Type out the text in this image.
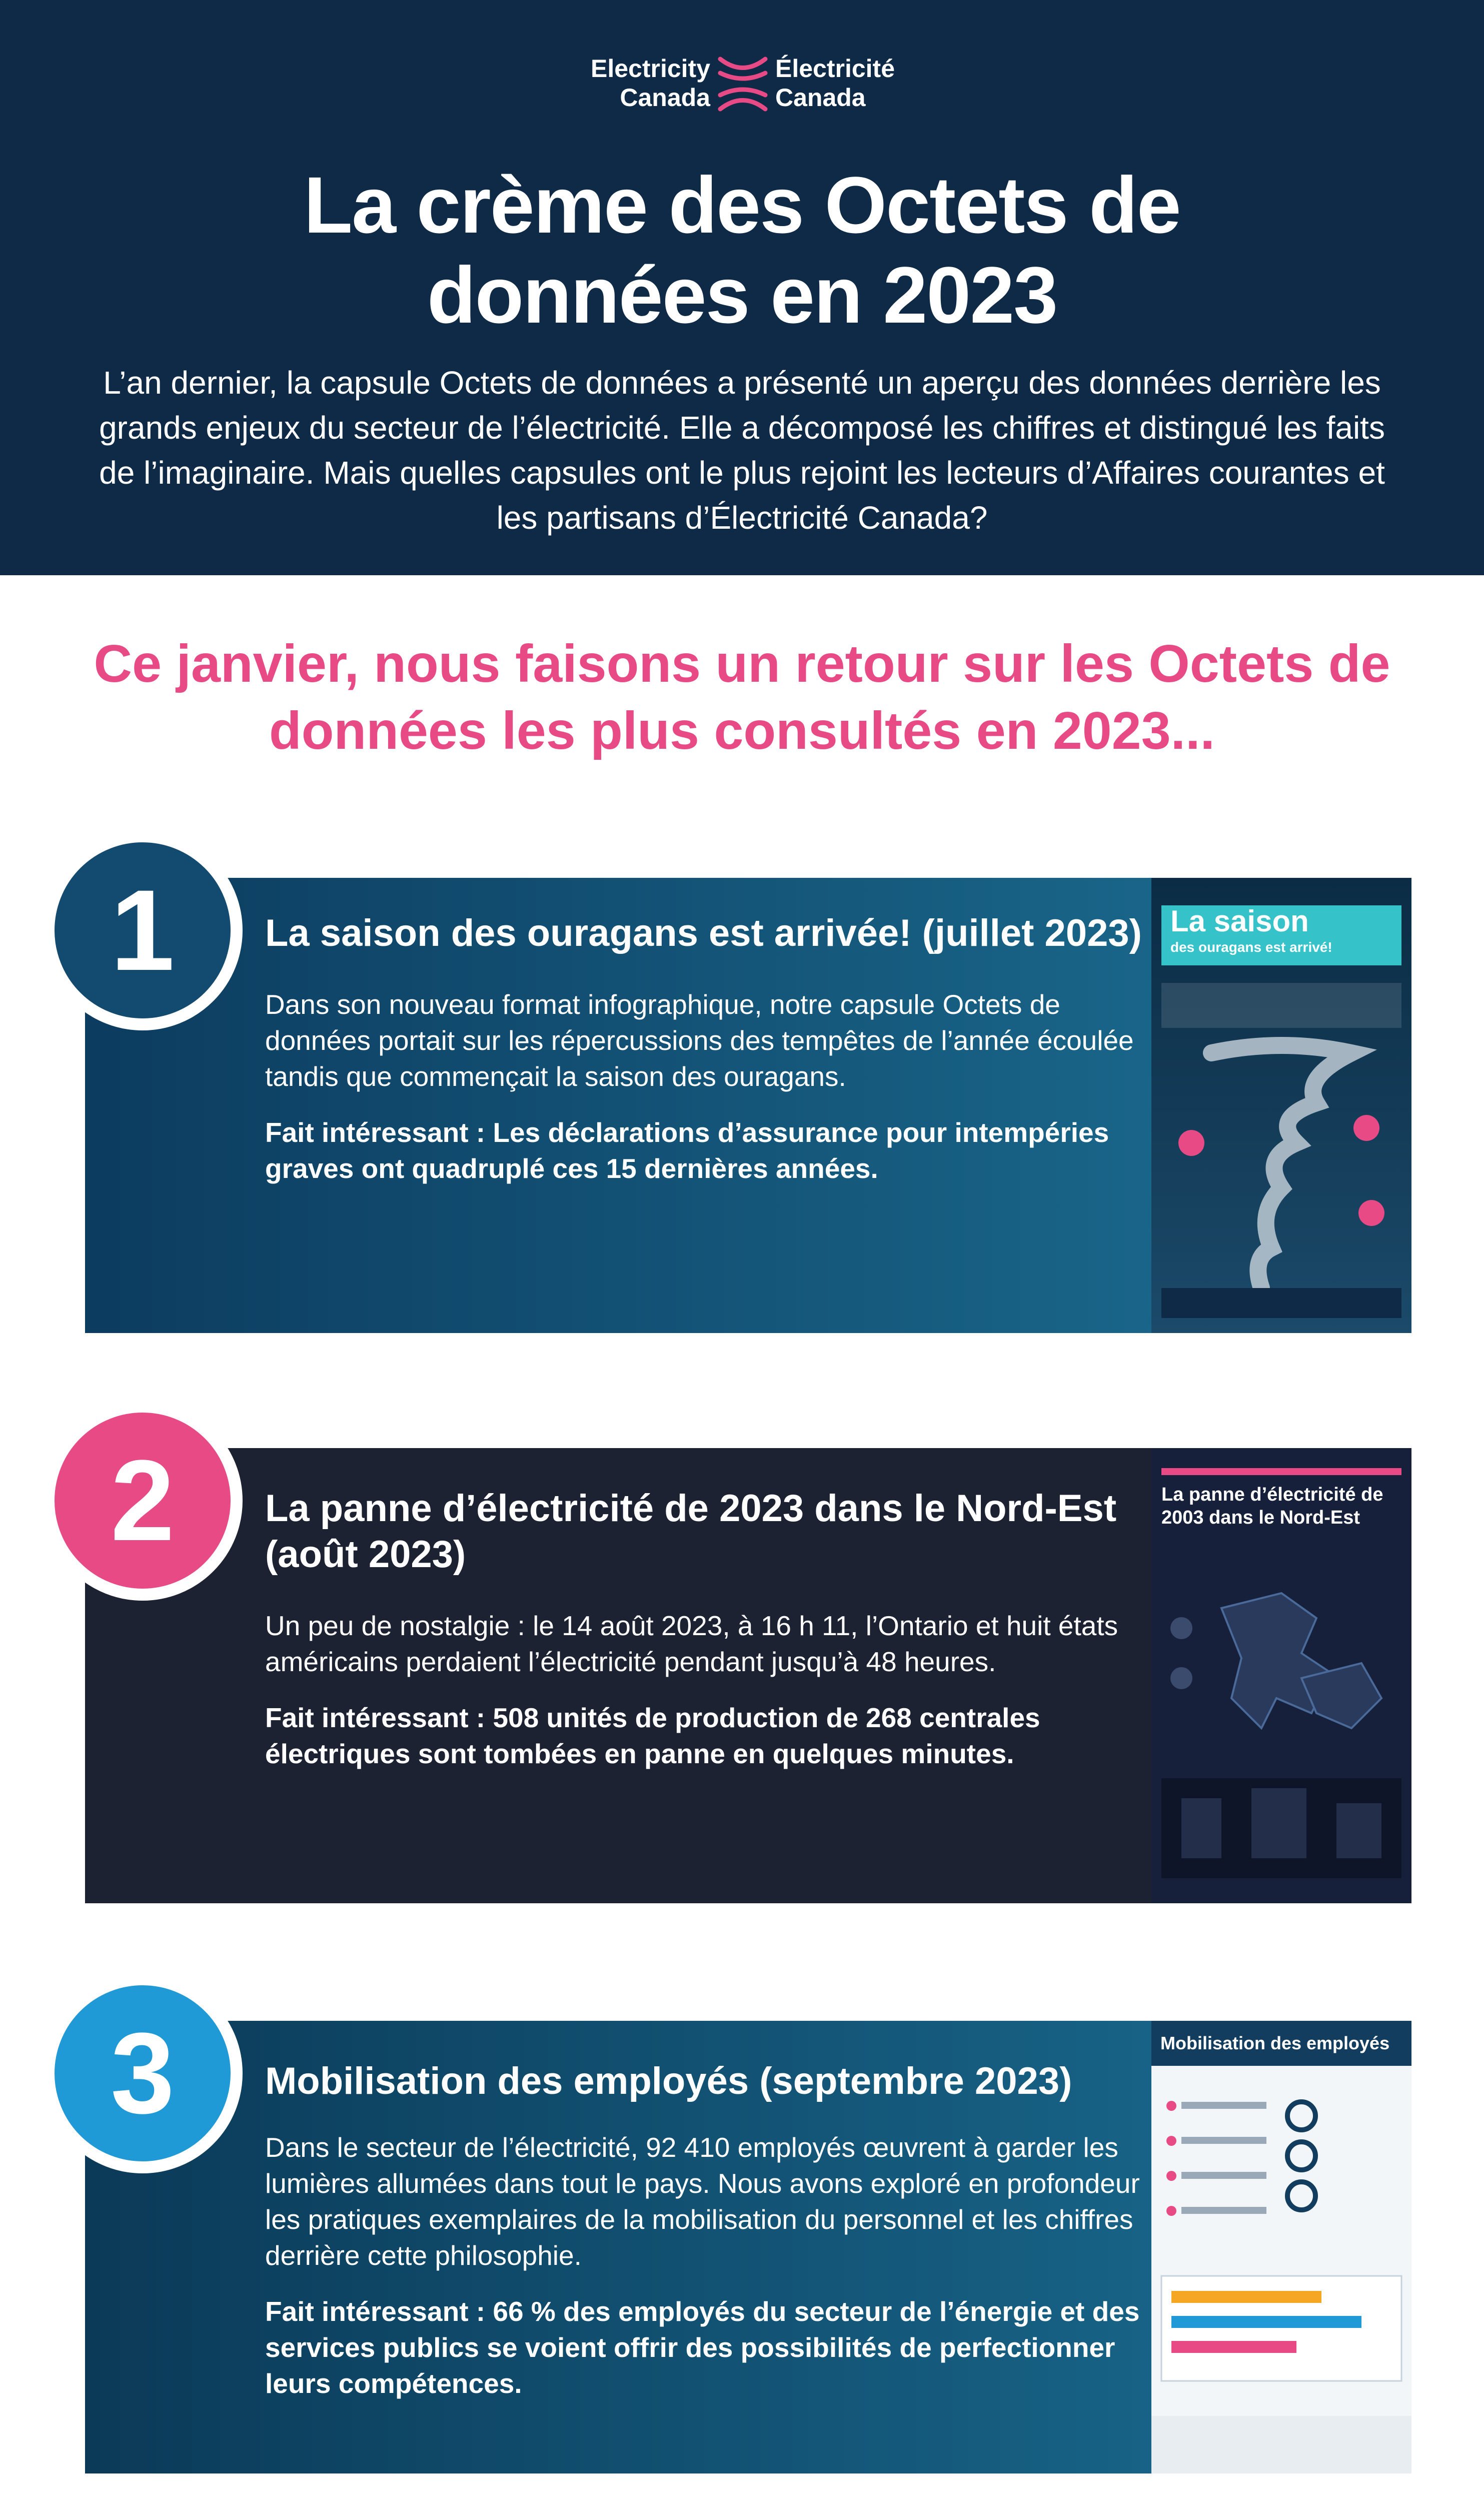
Electricity
Canada
Électricité
Canada
La crème des Octets de
données en 2023
L’an dernier, la capsule Octets de données a présenté un aperçu des données derrière les grands enjeux du secteur de l’électricité. Elle a décomposé les chiffres et distingué les faits de l’imaginaire. Mais quelles capsules ont le plus rejoint les lecteurs d’Affaires courantes et les partisans d’Électricité Canada?
Ce janvier, nous faisons un retour sur les Octets de données les plus consultés en 2023...
La saison des ouragans est arrivée! (juillet 2023)

Dans son nouveau format infographique, notre capsule Octets de données portait sur les répercussions des tempêtes de l’année écoulée tandis que commençait la saison des ouragans.

Fait intéressant : Les déclarations d’assurance pour intempéries graves ont quadruplé ces 15 dernières années.

La saison
des ouragans est arrivé!
1
La panne d’électricité de 2023 dans le Nord-Est (août 2023)

Un peu de nostalgie : le 14 août 2023, à 16 h 11, l’Ontario et huit états américains perdaient l’électricité pendant jusqu’à 48 heures.

Fait intéressant : 508 unités de production de 268 centrales électriques sont tombées en panne en quelques minutes.

La panne d’électricité de 2003 dans le Nord-Est
2
Mobilisation des employés (septembre 2023)

Dans le secteur de l’électricité, 92 410 employés œuvrent à garder les lumières allumées dans tout le pays. Nous avons exploré en profondeur les pratiques exemplaires de la mobilisation du personnel et les chiffres derrière cette philosophie.

Fait intéressant : 66 % des employés du secteur de l’énergie et des services publics se voient offrir des possibilités de perfectionner leurs compétences.

Mobilisation des employés
3
